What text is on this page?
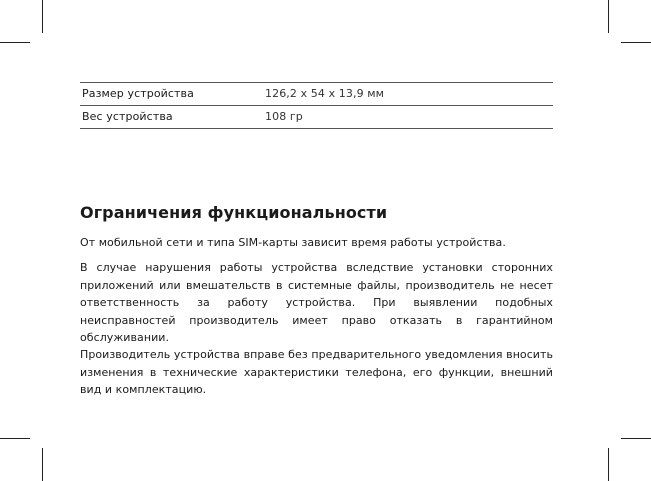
Размер устройства	126,2 x 54 x 13,9 мм
Вес устройства	108 гр
Ограничения функциональности

От мобильной сети и типа SIM-карты зависит время работы устройства.

В случае нарушения работы устройства вследствие установки сторонних приложений или вмешательств в системные файлы, производитель не несет ответственность за работу устройства. При выявлении подобных неисправностей производитель имеет право отказать в гарантийном обслуживании.

Производитель устройства вправе без предварительного уведомления вносить изменения в технические характеристики телефона, его функции, внешний вид и комплектацию.
